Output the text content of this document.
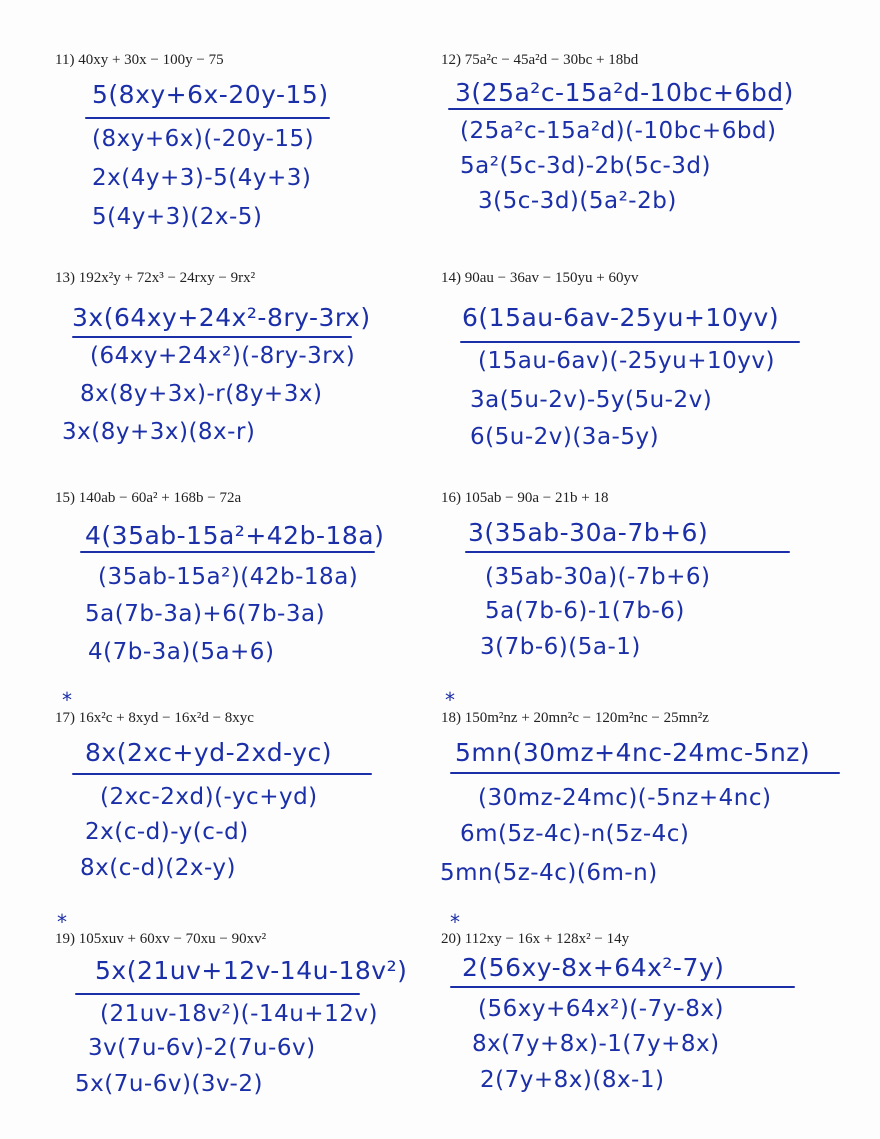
11) 40xy + 30x − 100y − 75
5(8xy+6x-20y-15)
(8xy+6x)(-20y-15)
2x(4y+3)-5(4y+3)
5(4y+3)(2x-5)
12) 75a²c − 45a²d − 30bc + 18bd
3(25a²c-15a²d-10bc+6bd)
(25a²c-15a²d)(-10bc+6bd)
5a²(5c-3d)-2b(5c-3d)
3(5c-3d)(5a²-2b)
13) 192x²y + 72x³ − 24rxy − 9rx²
3x(64xy+24x²-8ry-3rx)
(64xy+24x²)(-8ry-3rx)
8x(8y+3x)-r(8y+3x)
3x(8y+3x)(8x-r)
14) 90au − 36av − 150yu + 60yv
6(15au-6av-25yu+10yv)
(15au-6av)(-25yu+10yv)
3a(5u-2v)-5y(5u-2v)
6(5u-2v)(3a-5y)
15) 140ab − 60a² + 168b − 72a
4(35ab-15a²+42b-18a)
(35ab-15a²)(42b-18a)
5a(7b-3a)+6(7b-3a)
4(7b-3a)(5a+6)
16) 105ab − 90a − 21b + 18
3(35ab-30a-7b+6)
(35ab-30a)(-7b+6)
5a(7b-6)-1(7b-6)
3(7b-6)(5a-1)
*
17) 16x²c + 8xyd − 16x²d − 8xyc
8x(2xc+yd-2xd-yc)
(2xc-2xd)(-yc+yd)
2x(c-d)-y(c-d)
8x(c-d)(2x-y)
*
18) 150m²nz + 20mn²c − 120m²nc − 25mn²z
5mn(30mz+4nc-24mc-5nz)
(30mz-24mc)(-5nz+4nc)
6m(5z-4c)-n(5z-4c)
5mn(5z-4c)(6m-n)
*
19) 105xuv + 60xv − 70xu − 90xv²
5x(21uv+12v-14u-18v²)
(21uv-18v²)(-14u+12v)
3v(7u-6v)-2(7u-6v)
5x(7u-6v)(3v-2)
*
20) 112xy − 16x + 128x² − 14y
2(56xy-8x+64x²-7y)
(56xy+64x²)(-7y-8x)
8x(7y+8x)-1(7y+8x)
2(7y+8x)(8x-1)
